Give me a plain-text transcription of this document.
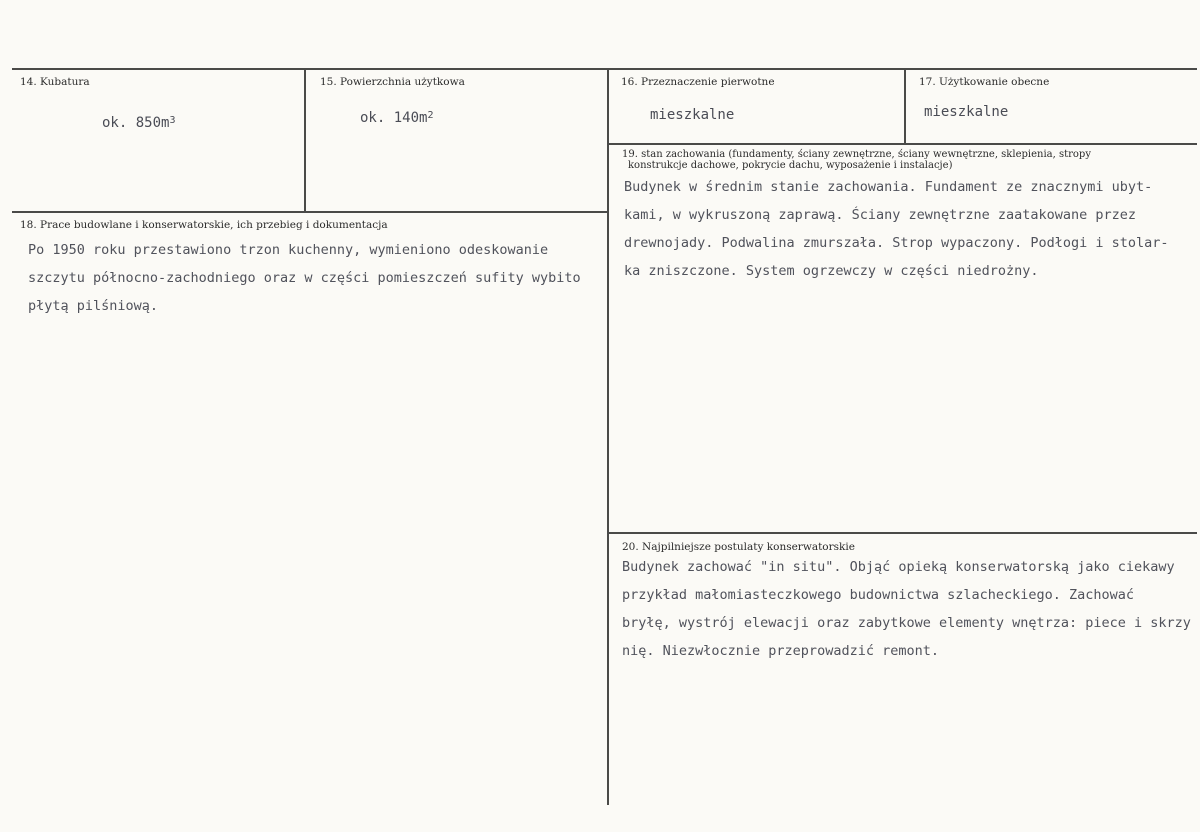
14. Kubatura
ok. $850m^3$
15. Powierzchnia użytkowa
ok. $140m^2$
16. Przeznaczenie pierwotne
mieszkalne
17. Użytkowanie obecne
mieszkalne
18. Prace budowlane i konserwatorskie, ich przebieg i dokumentacja
Po 1950 roku przestawiono trzon kuchenny, wymieniono odeskowanie
szczytu północno-zachodniego oraz w części pomieszczeń sufity wybito
płytą pilśniową.
19. stan zachowania (fundamenty, ściany zewnętrzne, ściany wewnętrzne, sklepienia, stropy
konstrukcje dachowe, pokrycie dachu, wyposażenie i instalacje)
Budynek w średnim stanie zachowania. Fundament ze znacznymi ubyt-
kami, w wykruszoną zaprawą. Ściany zewnętrzne zaatakowane przez
drewnojady. Podwalina zmurszała. Strop wypaczony. Podłogi i stolar-
ka zniszczone. System ogrzewczy w części niedrożny.
20. Najpilniejsze postulaty konserwatorskie
Budynek zachować "in situ". Objąć opieką konserwatorską jako ciekawy
przykład małomiasteczkowego budownictwa szlacheckiego. Zachować
bryłę, wystrój elewacji oraz zabytkowe elementy wnętrza: piece i skrzy
nię. Niezwłocznie przeprowadzić remont.
